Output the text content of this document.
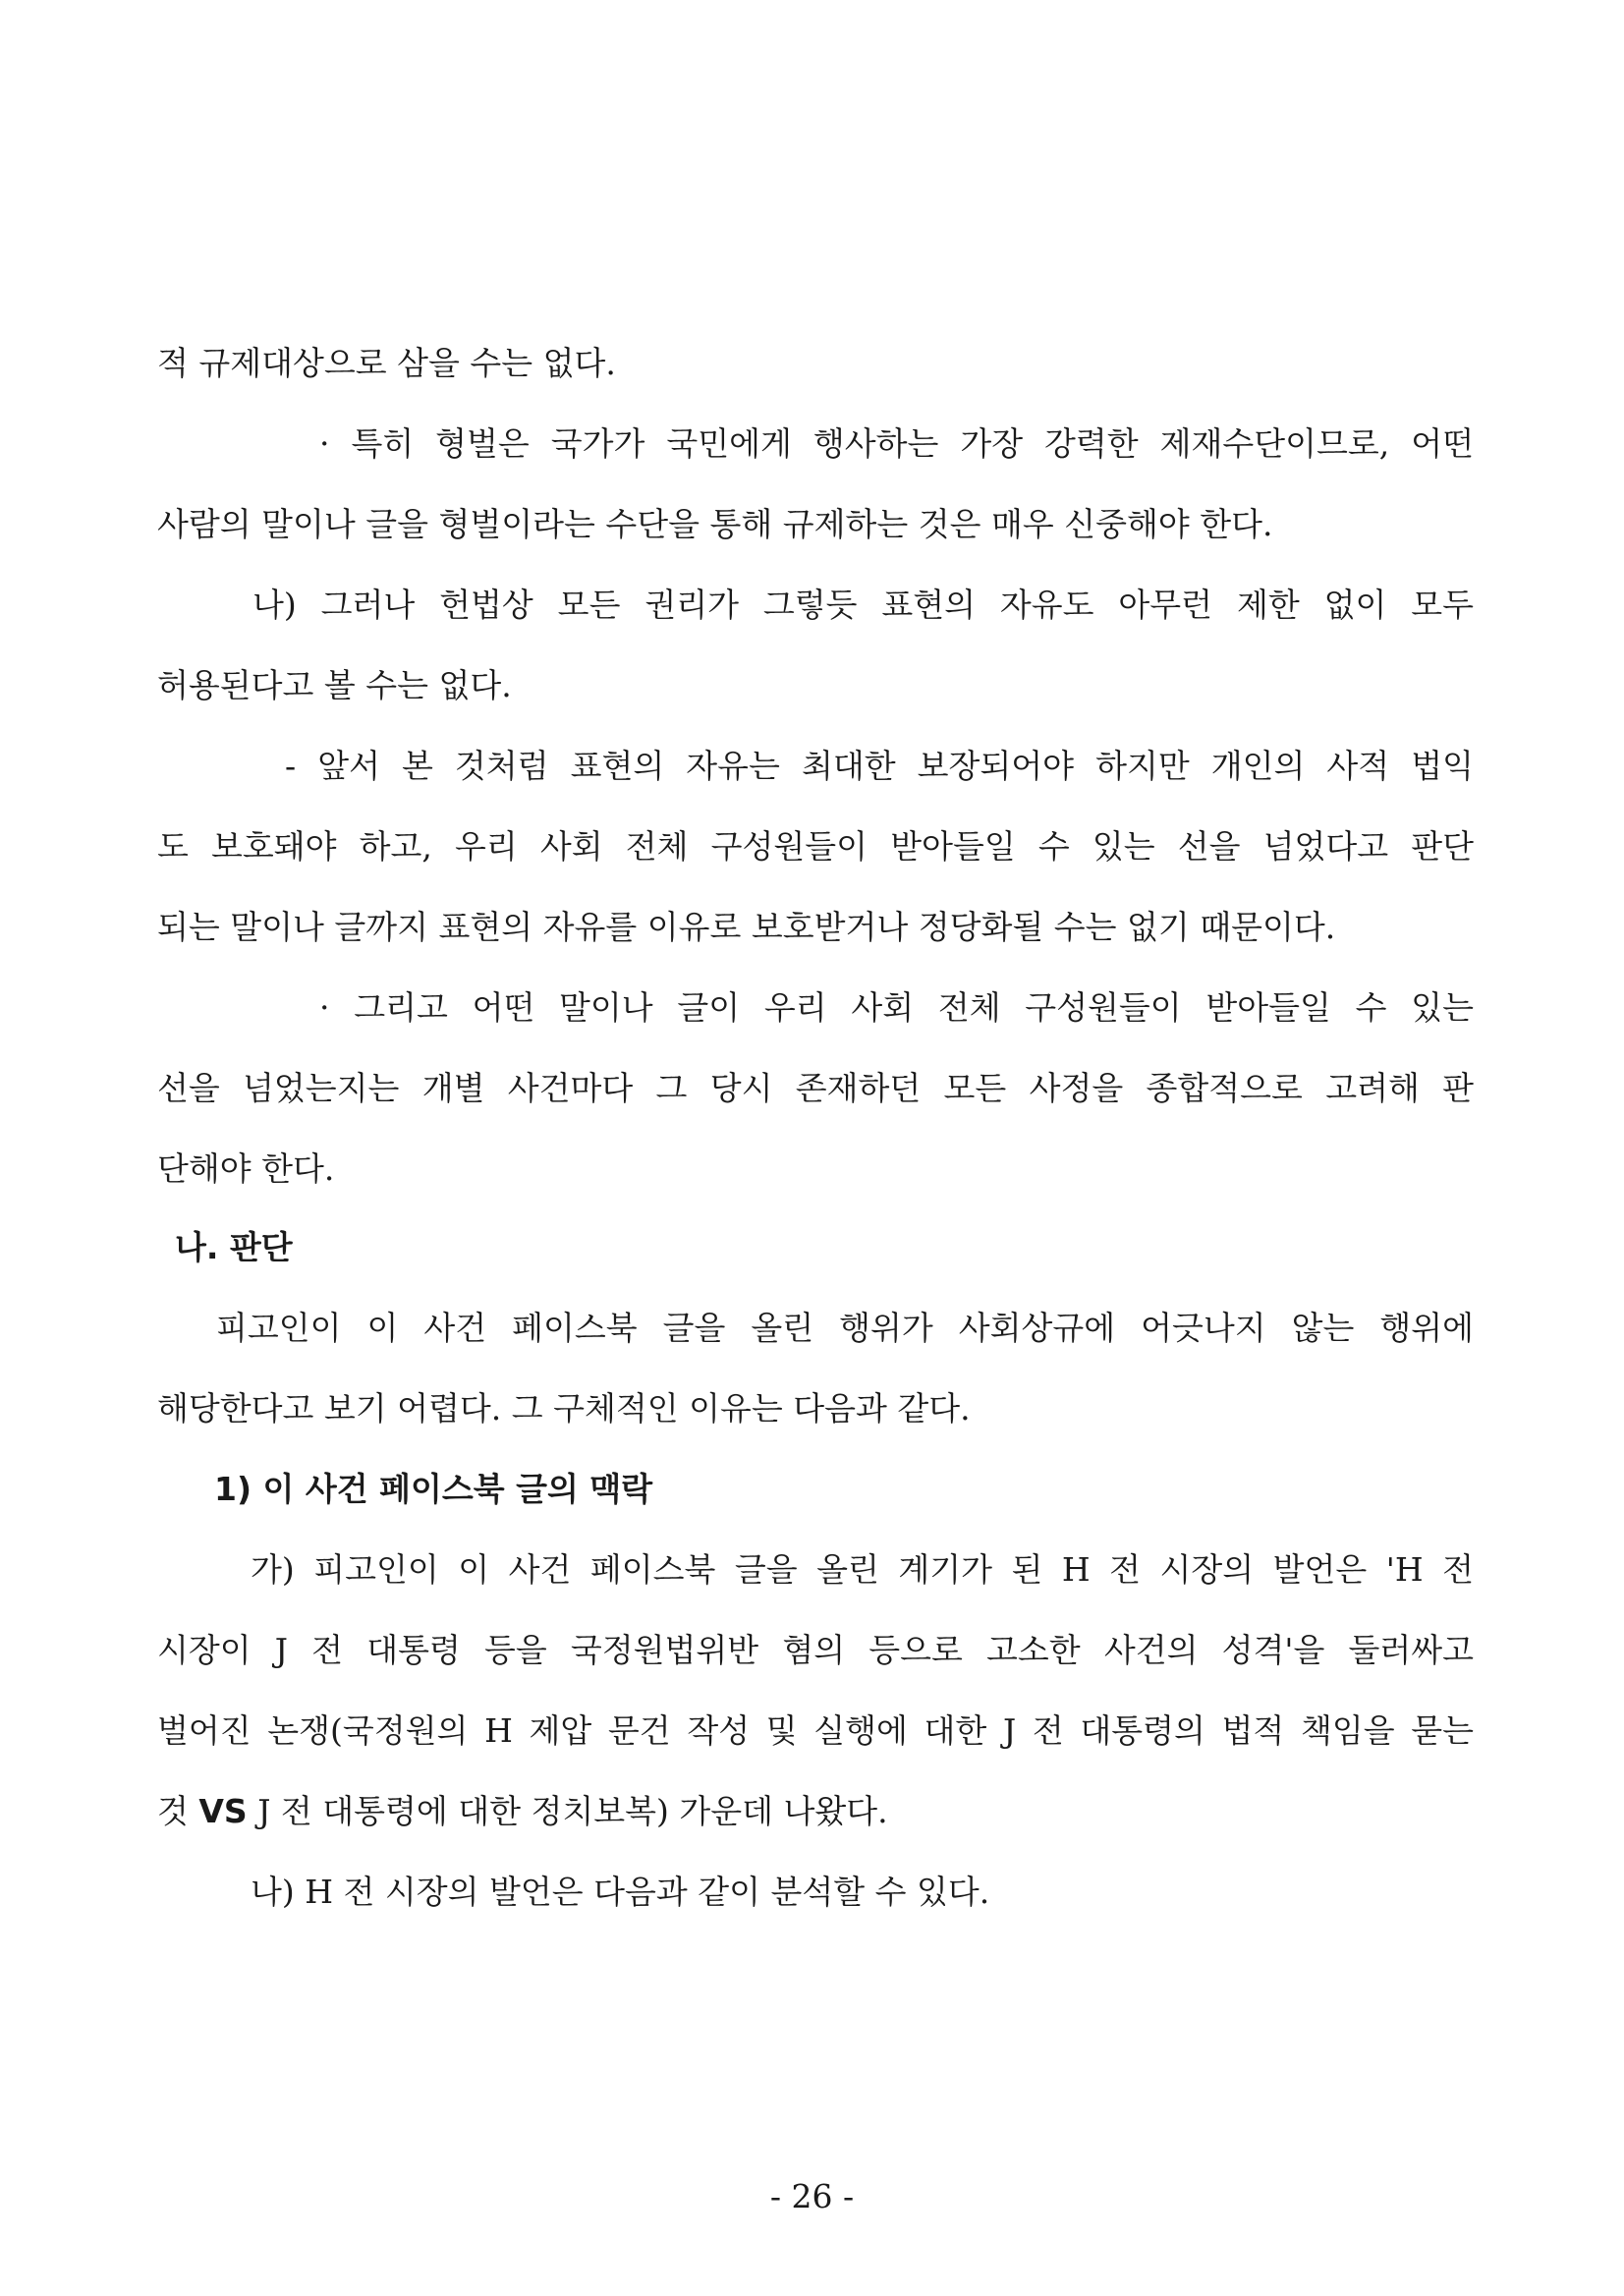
적 규제대상으로 삼을 수는 없다.
· 특히 형벌은 국가가 국민에게 행사하는 가장 강력한 제재수단이므로, 어떤
사람의 말이나 글을 형벌이라는 수단을 통해 규제하는 것은 매우 신중해야 한다.
나) 그러나 헌법상 모든 권리가 그렇듯 표현의 자유도 아무런 제한 없이 모두
허용된다고 볼 수는 없다.
- 앞서 본 것처럼 표현의 자유는 최대한 보장되어야 하지만 개인의 사적 법익
도 보호돼야 하고, 우리 사회 전체 구성원들이 받아들일 수 있는 선을 넘었다고 판단
되는 말이나 글까지 표현의 자유를 이유로 보호받거나 정당화될 수는 없기 때문이다.
· 그리고 어떤 말이나 글이 우리 사회 전체 구성원들이 받아들일 수 있는
선을 넘었는지는 개별 사건마다 그 당시 존재하던 모든 사정을 종합적으로 고려해 판
단해야 한다.
나. 판단
피고인이 이 사건 페이스북 글을 올린 행위가 사회상규에 어긋나지 않는 행위에
해당한다고 보기 어렵다. 그 구체적인 이유는 다음과 같다.
1) 이 사건 페이스북 글의 맥락
가) 피고인이 이 사건 페이스북 글을 올린 계기가 된 H 전 시장의 발언은 'H 전
시장이 J 전 대통령 등을 국정원법위반 혐의 등으로 고소한 사건의 성격'을 둘러싸고
벌어진 논쟁(국정원의 H 제압 문건 작성 및 실행에 대한 J 전 대통령의 법적 책임을 묻는
것 VS J 전 대통령에 대한 정치보복) 가운데 나왔다.
나) H 전 시장의 발언은 다음과 같이 분석할 수 있다.
- 26 -
